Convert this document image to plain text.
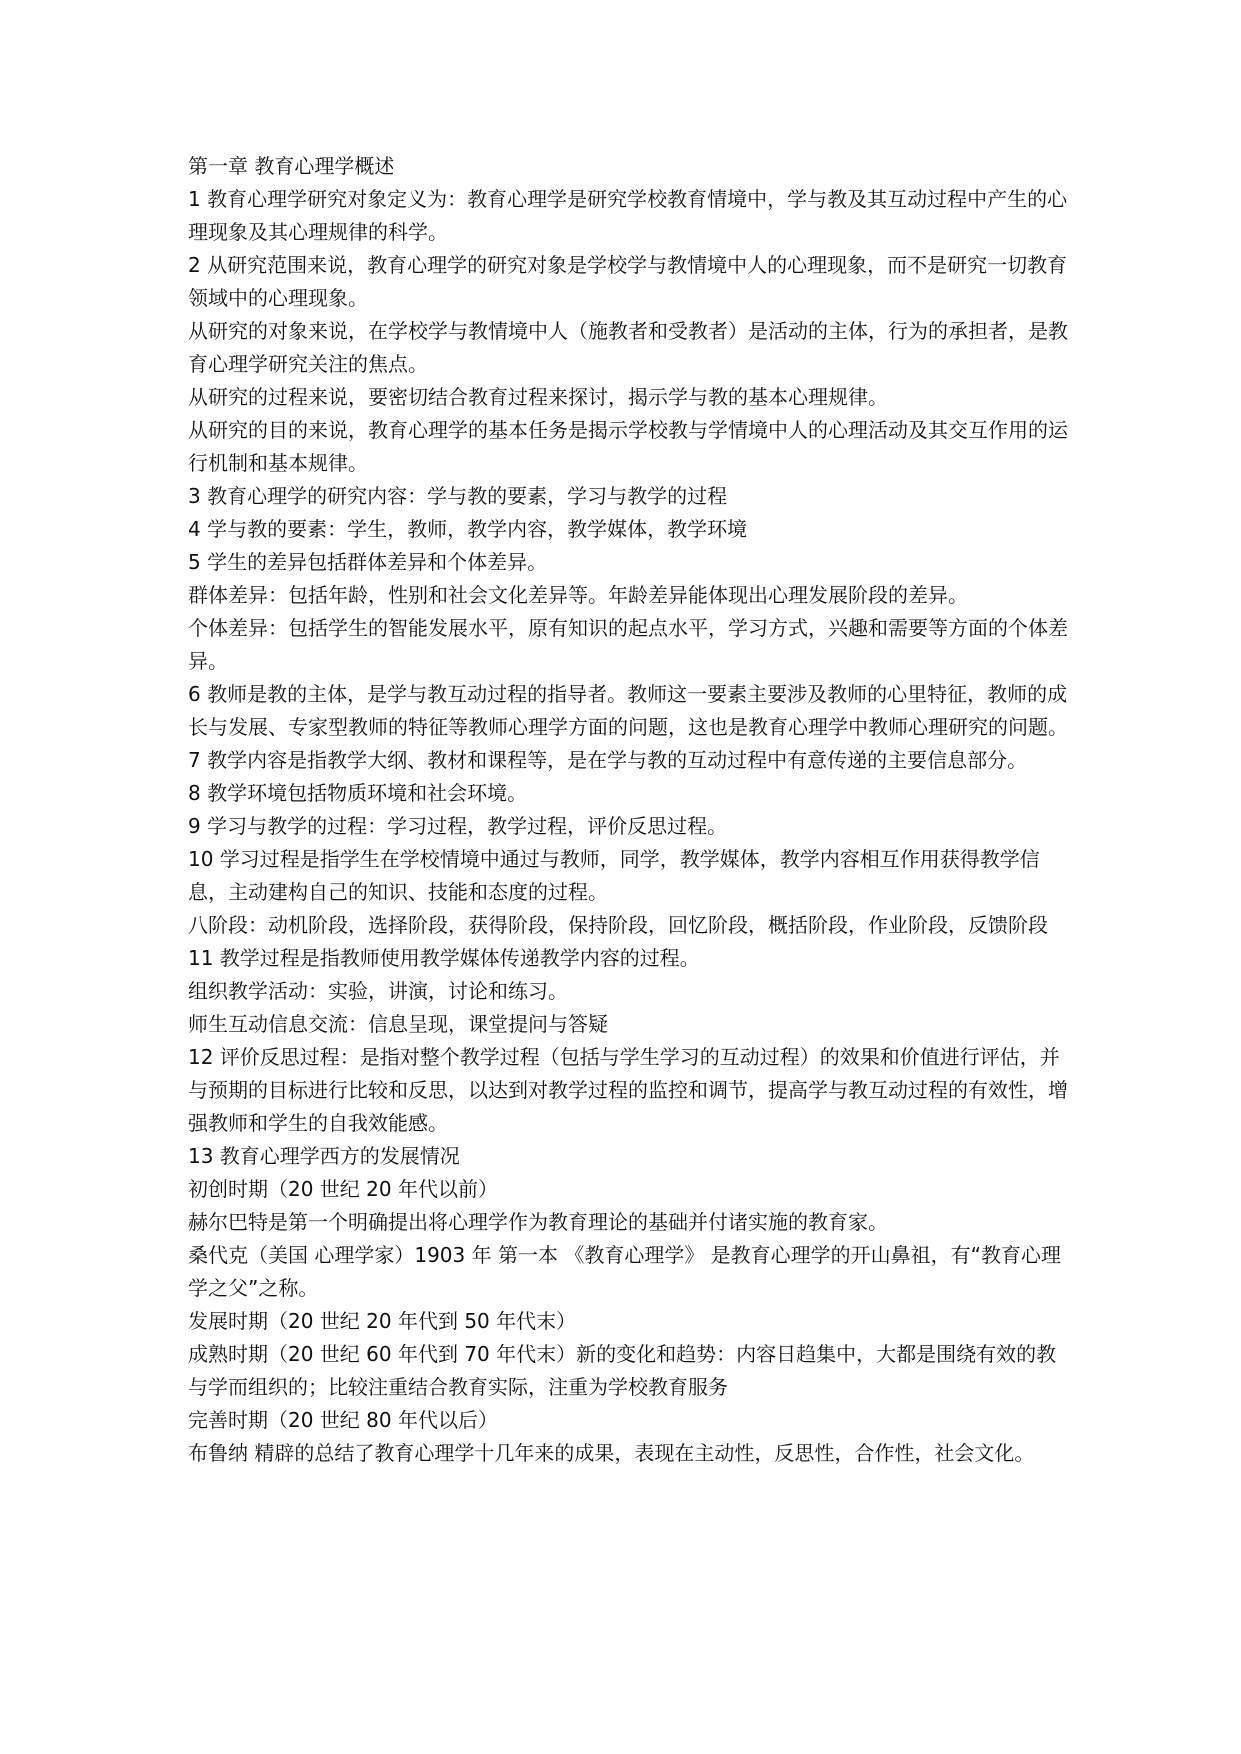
第一章 教育心理学概述

1 教育心理学研究对象定义为：教育心理学是研究学校教育情境中，学与教及其互动过程中产生的心理现象及其心理规律的科学。

2 从研究范围来说，教育心理学的研究对象是学校学与教情境中人的心理现象，而不是研究一切教育领域中的心理现象。

从研究的对象来说，在学校学与教情境中人（施教者和受教者）是活动的主体，行为的承担者，是教育心理学研究关注的焦点。

从研究的过程来说，要密切结合教育过程来探讨，揭示学与教的基本心理规律。

从研究的目的来说，教育心理学的基本任务是揭示学校教与学情境中人的心理活动及其交互作用的运行机制和基本规律。

3 教育心理学的研究内容：学与教的要素，学习与教学的过程

4 学与教的要素：学生，教师，教学内容，教学媒体，教学环境

5 学生的差异包括群体差异和个体差异。

群体差异：包括年龄，性别和社会文化差异等。年龄差异能体现出心理发展阶段的差异。

个体差异：包括学生的智能发展水平，原有知识的起点水平，学习方式，兴趣和需要等方面的个体差异。

6 教师是教的主体，是学与教互动过程的指导者。教师这一要素主要涉及教师的心里特征，教师的成长与发展、专家型教师的特征等教师心理学方面的问题，这也是教育心理学中教师心理研究的问题。

7 教学内容是指教学大纲、教材和课程等，是在学与教的互动过程中有意传递的主要信息部分。

8 教学环境包括物质环境和社会环境。

9 学习与教学的过程：学习过程，教学过程，评价反思过程。

10 学习过程是指学生在学校情境中通过与教师，同学，教学媒体，教学内容相互作用获得教学信息，主动建构自己的知识、技能和态度的过程。

八阶段：动机阶段，选择阶段，获得阶段，保持阶段，回忆阶段，概括阶段，作业阶段，反馈阶段

11 教学过程是指教师使用教学媒体传递教学内容的过程。

组织教学活动：实验，讲演，讨论和练习。

师生互动信息交流：信息呈现，课堂提问与答疑

12 评价反思过程：是指对整个教学过程（包括与学生学习的互动过程）的效果和价值进行评估，并与预期的目标进行比较和反思，以达到对教学过程的监控和调节，提高学与教互动过程的有效性，增强教师和学生的自我效能感。

13 教育心理学西方的发展情况

初创时期（20 世纪 20 年代以前）

赫尔巴特是第一个明确提出将心理学作为教育理论的基础并付诸实施的教育家。

桑代克（美国 心理学家）1903 年 第一本 《教育心理学》 是教育心理学的开山鼻祖，有“教育心理学之父”之称。

发展时期（20 世纪 20 年代到 50 年代末）

成熟时期（20 世纪 60 年代到 70 年代末）新的变化和趋势：内容日趋集中，大都是围绕有效的教与学而组织的；比较注重结合教育实际，注重为学校教育服务

完善时期（20 世纪 80 年代以后）

布鲁纳 精辟的总结了教育心理学十几年来的成果，表现在主动性，反思性，合作性，社会文化。
